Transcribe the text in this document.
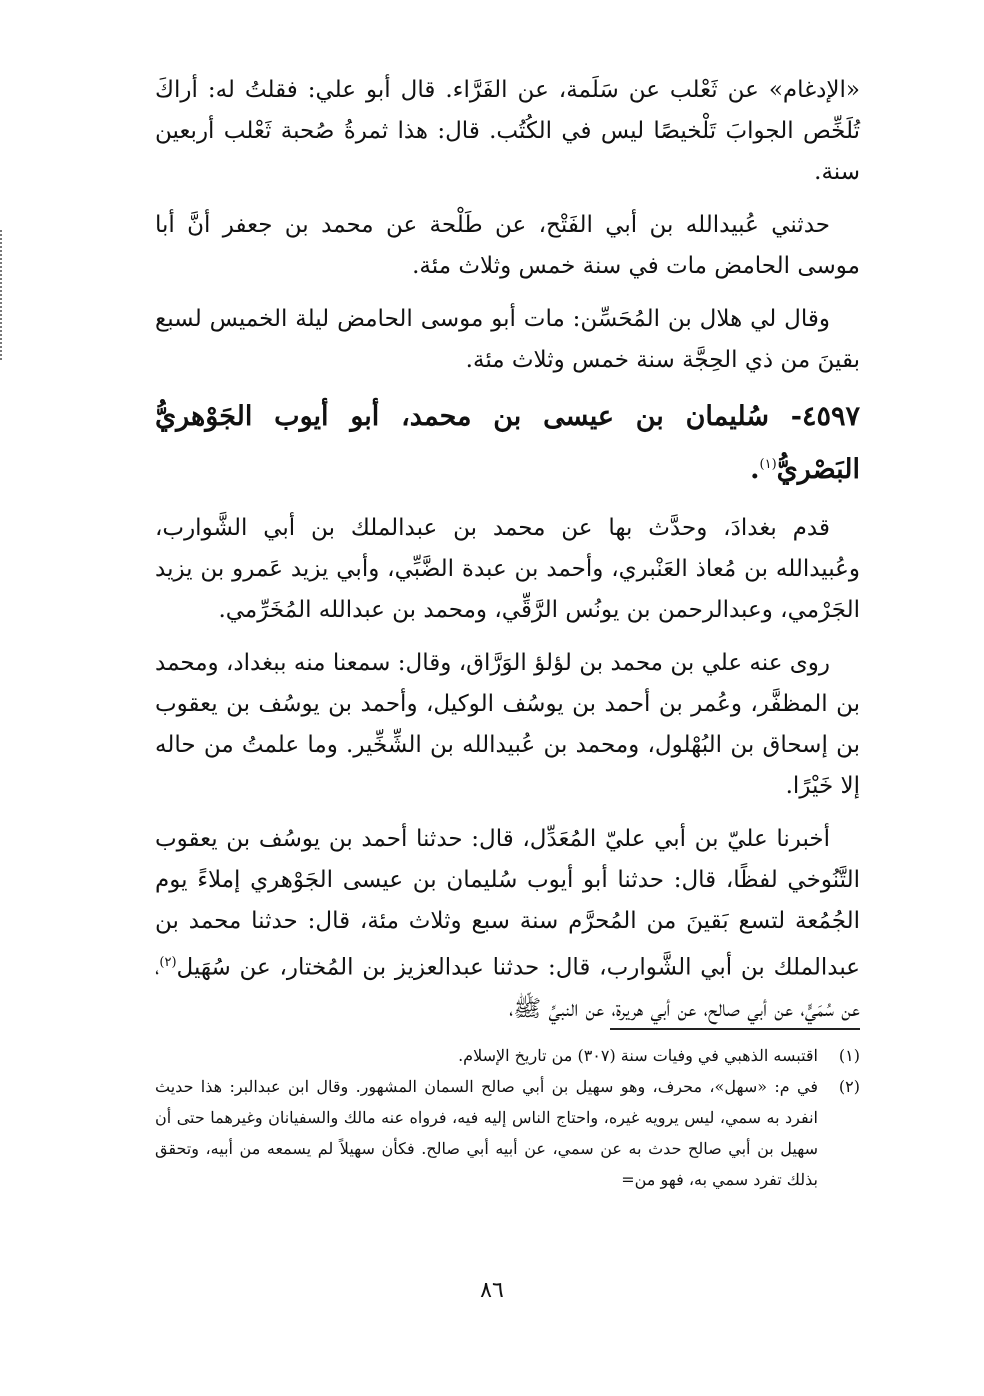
«الإدغام» عن ثَعْلب عن سَلَمة، عن الفَرَّاء. قال أبو علي: فقلتُ له: أراكَ تُلَخِّص الجوابَ تَلْخيصًا ليس في الكُتُب. قال: هذا ثمرةُ صُحبة ثَعْلب أربعين سنة.

حدثني عُبيدالله بن أبي الفَتْح، عن طَلْحة عن محمد بن جعفر أنَّ أبا موسى الحامض مات في سنة خمس وثلاث مئة.

وقال لي هلال بن المُحَسِّن: مات أبو موسى الحامض ليلة الخميس لسبع بقينَ من ذي الحِجَّة سنة خمس وثلاث مئة.

٤٥٩٧- سُليمان بن عيسى بن محمد، أبو أيوب الجَوْهريُّ البَصْريُّ$^{(١)}$.

قدم بغدادَ، وحدَّث بها عن محمد بن عبدالملك بن أبي الشَّوارب، وعُبيدالله بن مُعاذ العَنْبري، وأحمد بن عبدة الضَّبِّي، وأبي يزيد عَمرو بن يزيد الجَرْمي، وعبدالرحمن بن يونُس الرَّقِّي، ومحمد بن عبدالله المُخَرِّمي.

روى عنه علي بن محمد بن لؤلؤ الوَرَّاق، وقال: سمعنا منه ببغداد، ومحمد بن المظفَّر، وعُمر بن أحمد بن يوسُف الوكيل، وأحمد بن يوسُف بن يعقوب بن إسحاق بن البُهْلول، ومحمد بن عُبيدالله بن الشِّخِّير. وما علمتُ من حاله إلا خَيْرًا.

أخبرنا عليّ بن أبي عليّ المُعَدِّل، قال: حدثنا أحمد بن يوسُف بن يعقوب التَّنُوخي لفظًا، قال: حدثنا أبو أيوب سُليمان بن عيسى الجَوْهري إملاءً يوم الجُمُعة لتسع بَقينَ من المُحرَّم سنة سبع وثلاث مئة، قال: حدثنا محمد بن عبدالملك بن أبي الشَّوارب، قال: حدثنا عبدالعزيز بن المُختار، عن سُهَيل$^{(٢)}$، عن سُمَيٍّ، عن أبي صالح، عن أبي هريرة، عن النبيِّ ﷺ،

(١)
اقتبسه الذهبي في وفيات سنة (٣٠٧) من تاريخ الإسلام.
(٢)
في م: «سهل»، محرف، وهو سهيل بن أبي صالح السمان المشهور. وقال ابن عبدالبر: هذا حديث انفرد به سمي، ليس يرويه غيره، واحتاج الناس إليه فيه، فرواه عنه مالك والسفيانان وغيرهما حتى أن سهيل بن أبي صالح حدث به عن سمي، عن أبيه أبي صالح. فكأن سهيلاً لم يسمعه من أبيه، وتحقق بذلك تفرد سمي به، فهو من=
٨٦
